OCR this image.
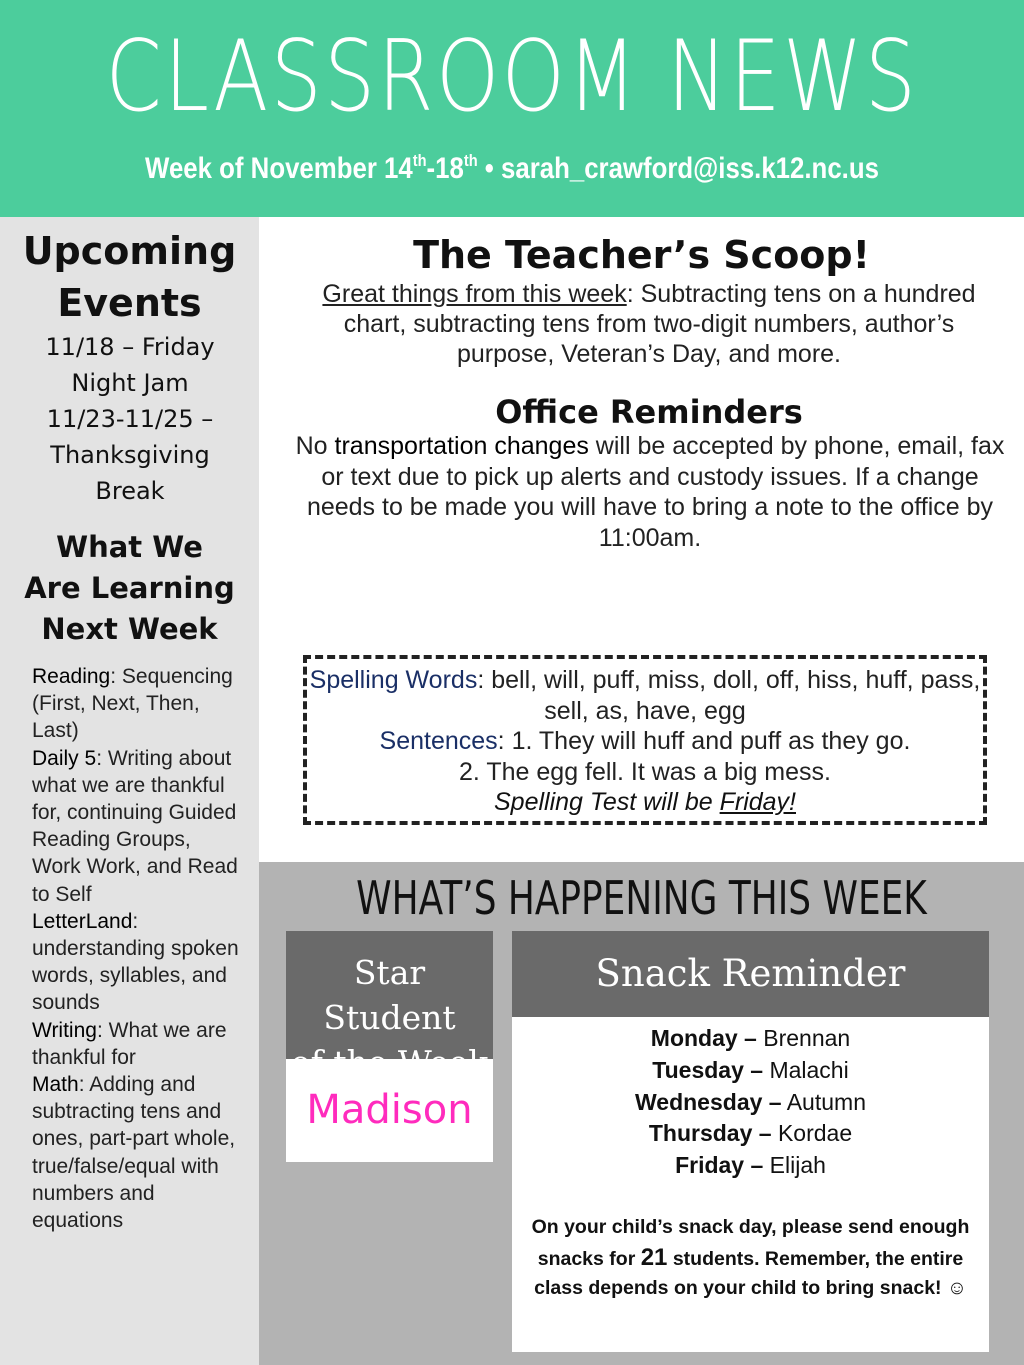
CLASSROOM NEWS
Week of November 14th-18th • sarah_crawford@iss.k12.nc.us
Upcoming
Events
11/18 – Friday Night Jam
11/23-11/25 – Thanksgiving Break
What We
Are Learning
Next Week
Reading: Sequencing (First, Next, Then, Last)
Daily 5: Writing about what we are thankful for, continuing Guided Reading Groups, Work Work, and Read to Self
LetterLand: understanding spoken words, syllables, and sounds
Writing: What we are thankful for
Math: Adding and subtracting tens and ones, part-part whole, true/false/equal with numbers and equations
The Teacher’s Scoop!
Great things from this week: Subtracting tens on a hundred chart, subtracting tens from two-digit numbers, author’s purpose, Veteran’s Day, and more.
Office Reminders
No transportation changes will be accepted by phone, email, fax or text due to pick up alerts and custody issues. If a change needs to be made you will have to bring a note to the office by 11:00am.
Spelling Words: bell, will, puff, miss, doll, off, hiss, huff, pass, sell, as, have, egg
Sentences: 1. They will huff and puff as they go.
2. The egg fell. It was a big mess.
Spelling Test will be Friday!
WHAT’S HAPPENING THIS WEEK
Star Student
of the Week
Madison
Snack Reminder
Monday – Brennan
Tuesday – Malachi
Wednesday – Autumn
Thursday – Kordae
Friday – Elijah
On your child’s snack day, please send enough snacks for 21 students. Remember, the entire class depends on your child to bring snack! ☺
